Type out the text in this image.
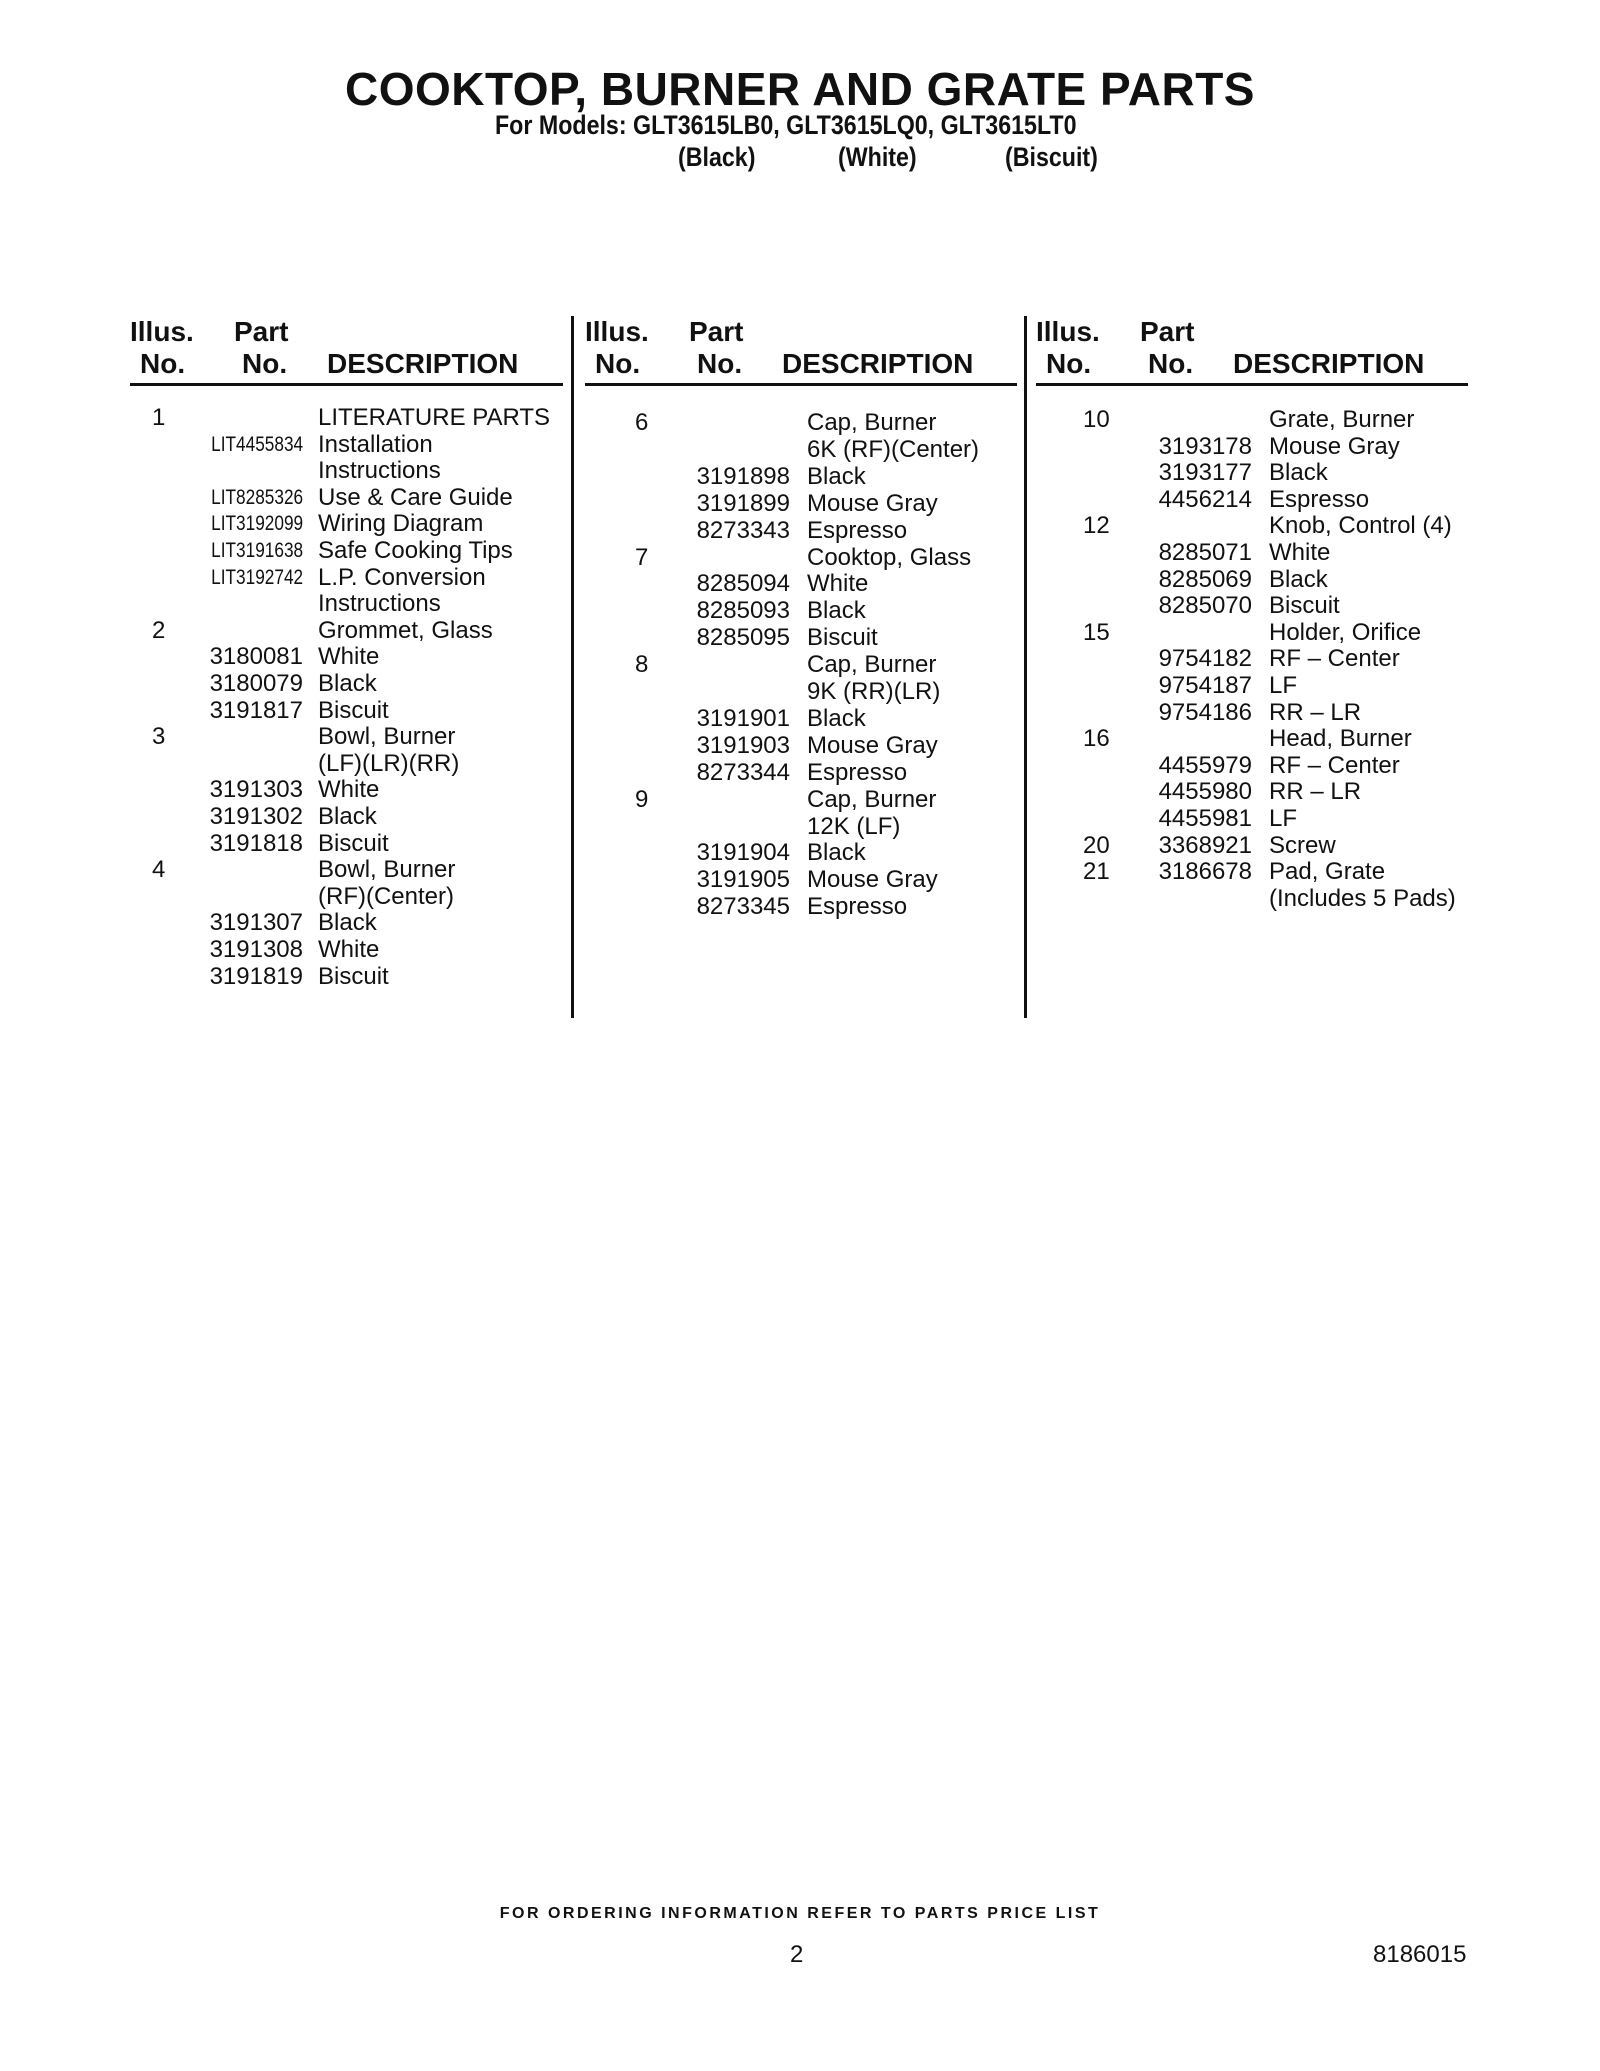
COOKTOP, BURNER AND GRATE PARTS
For Models: GLT3615LB0, GLT3615LQ0, GLT3615LT0
(Black)	(White)	(Biscuit)
Illus.
No.
Part
No. DESCRIPTION
1	LITERATURE PARTS
LIT4455834 Installation
Instructions
LIT8285326 Use & Care Guide
LIT3192099 Wiring Diagram
LIT3191638 Safe Cooking Tips
LIT3192742 L.P. Conversion
Instructions
2	Grommet, Glass
3180081 White
3180079 Black
3191817 Biscuit
3	Bowl, Burner
(LF)(LR)(RR)
3191303 White
3191302 Black
3191818 Biscuit
4	Bowl, Burner
(RF)(Center)
3191307 Black
3191308 White
3191819 Biscuit
Illus.
No.
Part
No. DESCRIPTION
6	Cap, Burner
6K (RF)(Center)
3191898 Black
3191899 Mouse Gray
8273343 Espresso
7	Cooktop, Glass
8285094 White
8285093 Black
8285095 Biscuit
8	Cap, Burner
9K (RR)(LR)
3191901 Black
3191903 Mouse Gray
8273344 Espresso
9	Cap, Burner
12K (LF)
3191904 Black
3191905 Mouse Gray
8273345 Espresso
Illus.
No.
Part
No. DESCRIPTION
10	Grate, Burner
3193178 Mouse Gray
3193177 Black
4456214 Espresso
12	Knob, Control (4)
8285071 White
8285069 Black
8285070 Biscuit
15	Holder, Orifice
9754182 RF – Center
9754187 LF
9754186 RR – LR
16	Head, Burner
4455979 RF – Center
4455980 RR – LR
4455981 LF
20 3368921 Screw
21 3186678 Pad, Grate
(Includes 5 Pads)
FOR ORDERING INFORMATION REFER TO PARTS PRICE LIST
2	8186015
